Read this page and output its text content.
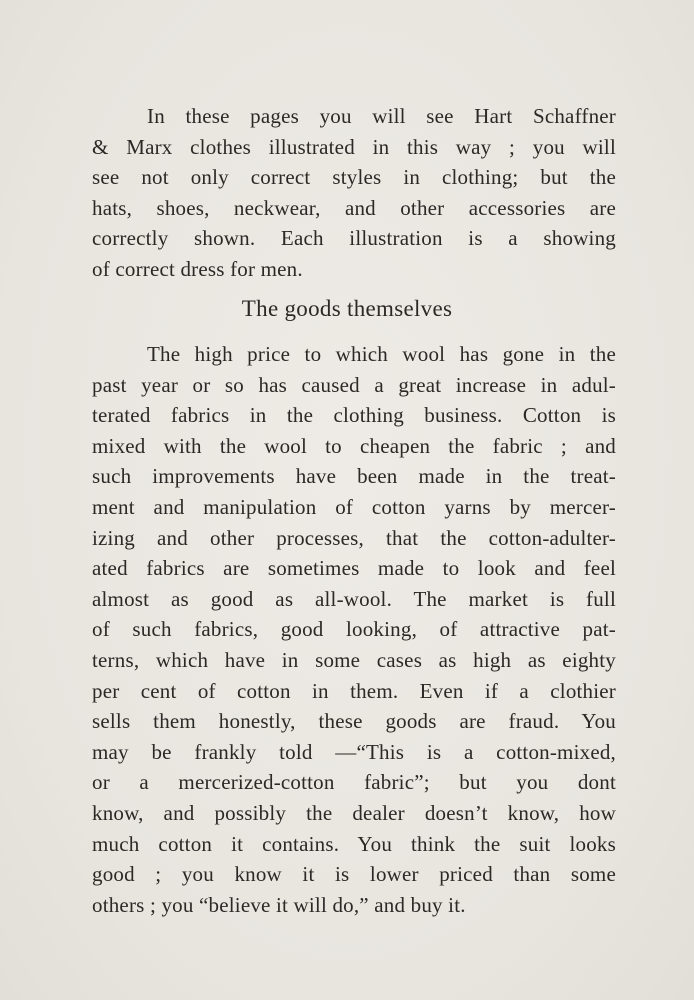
In these pages you will see Hart Schaffner
& Marx clothes illustrated in this way ; you will
see not only correct styles in clothing; but the
hats, shoes, neckwear, and other accessories are
correctly shown. Each illustration is a showing
of correct dress for men.
The goods themselves
The high price to which wool has gone in the
past year or so has caused a great increase in adul-
terated fabrics in the clothing business. Cotton is
mixed with the wool to cheapen the fabric ; and
such improvements have been made in the treat-
ment and manipulation of cotton yarns by mercer-
izing and other processes, that the cotton-adulter-
ated fabrics are sometimes made to look and feel
almost as good as all-wool. The market is full
of such fabrics, good looking, of attractive pat-
terns, which have in some cases as high as eighty
per cent of cotton in them. Even if a clothier
sells them honestly, these goods are fraud. You
may be frankly told —“This is a cotton-mixed,
or a mercerized-cotton fabric”; but you dont
know, and possibly the dealer doesn’t know, how
much cotton it contains. You think the suit looks
good ; you know it is lower priced than some
others ; you “believe it will do,” and buy it.
